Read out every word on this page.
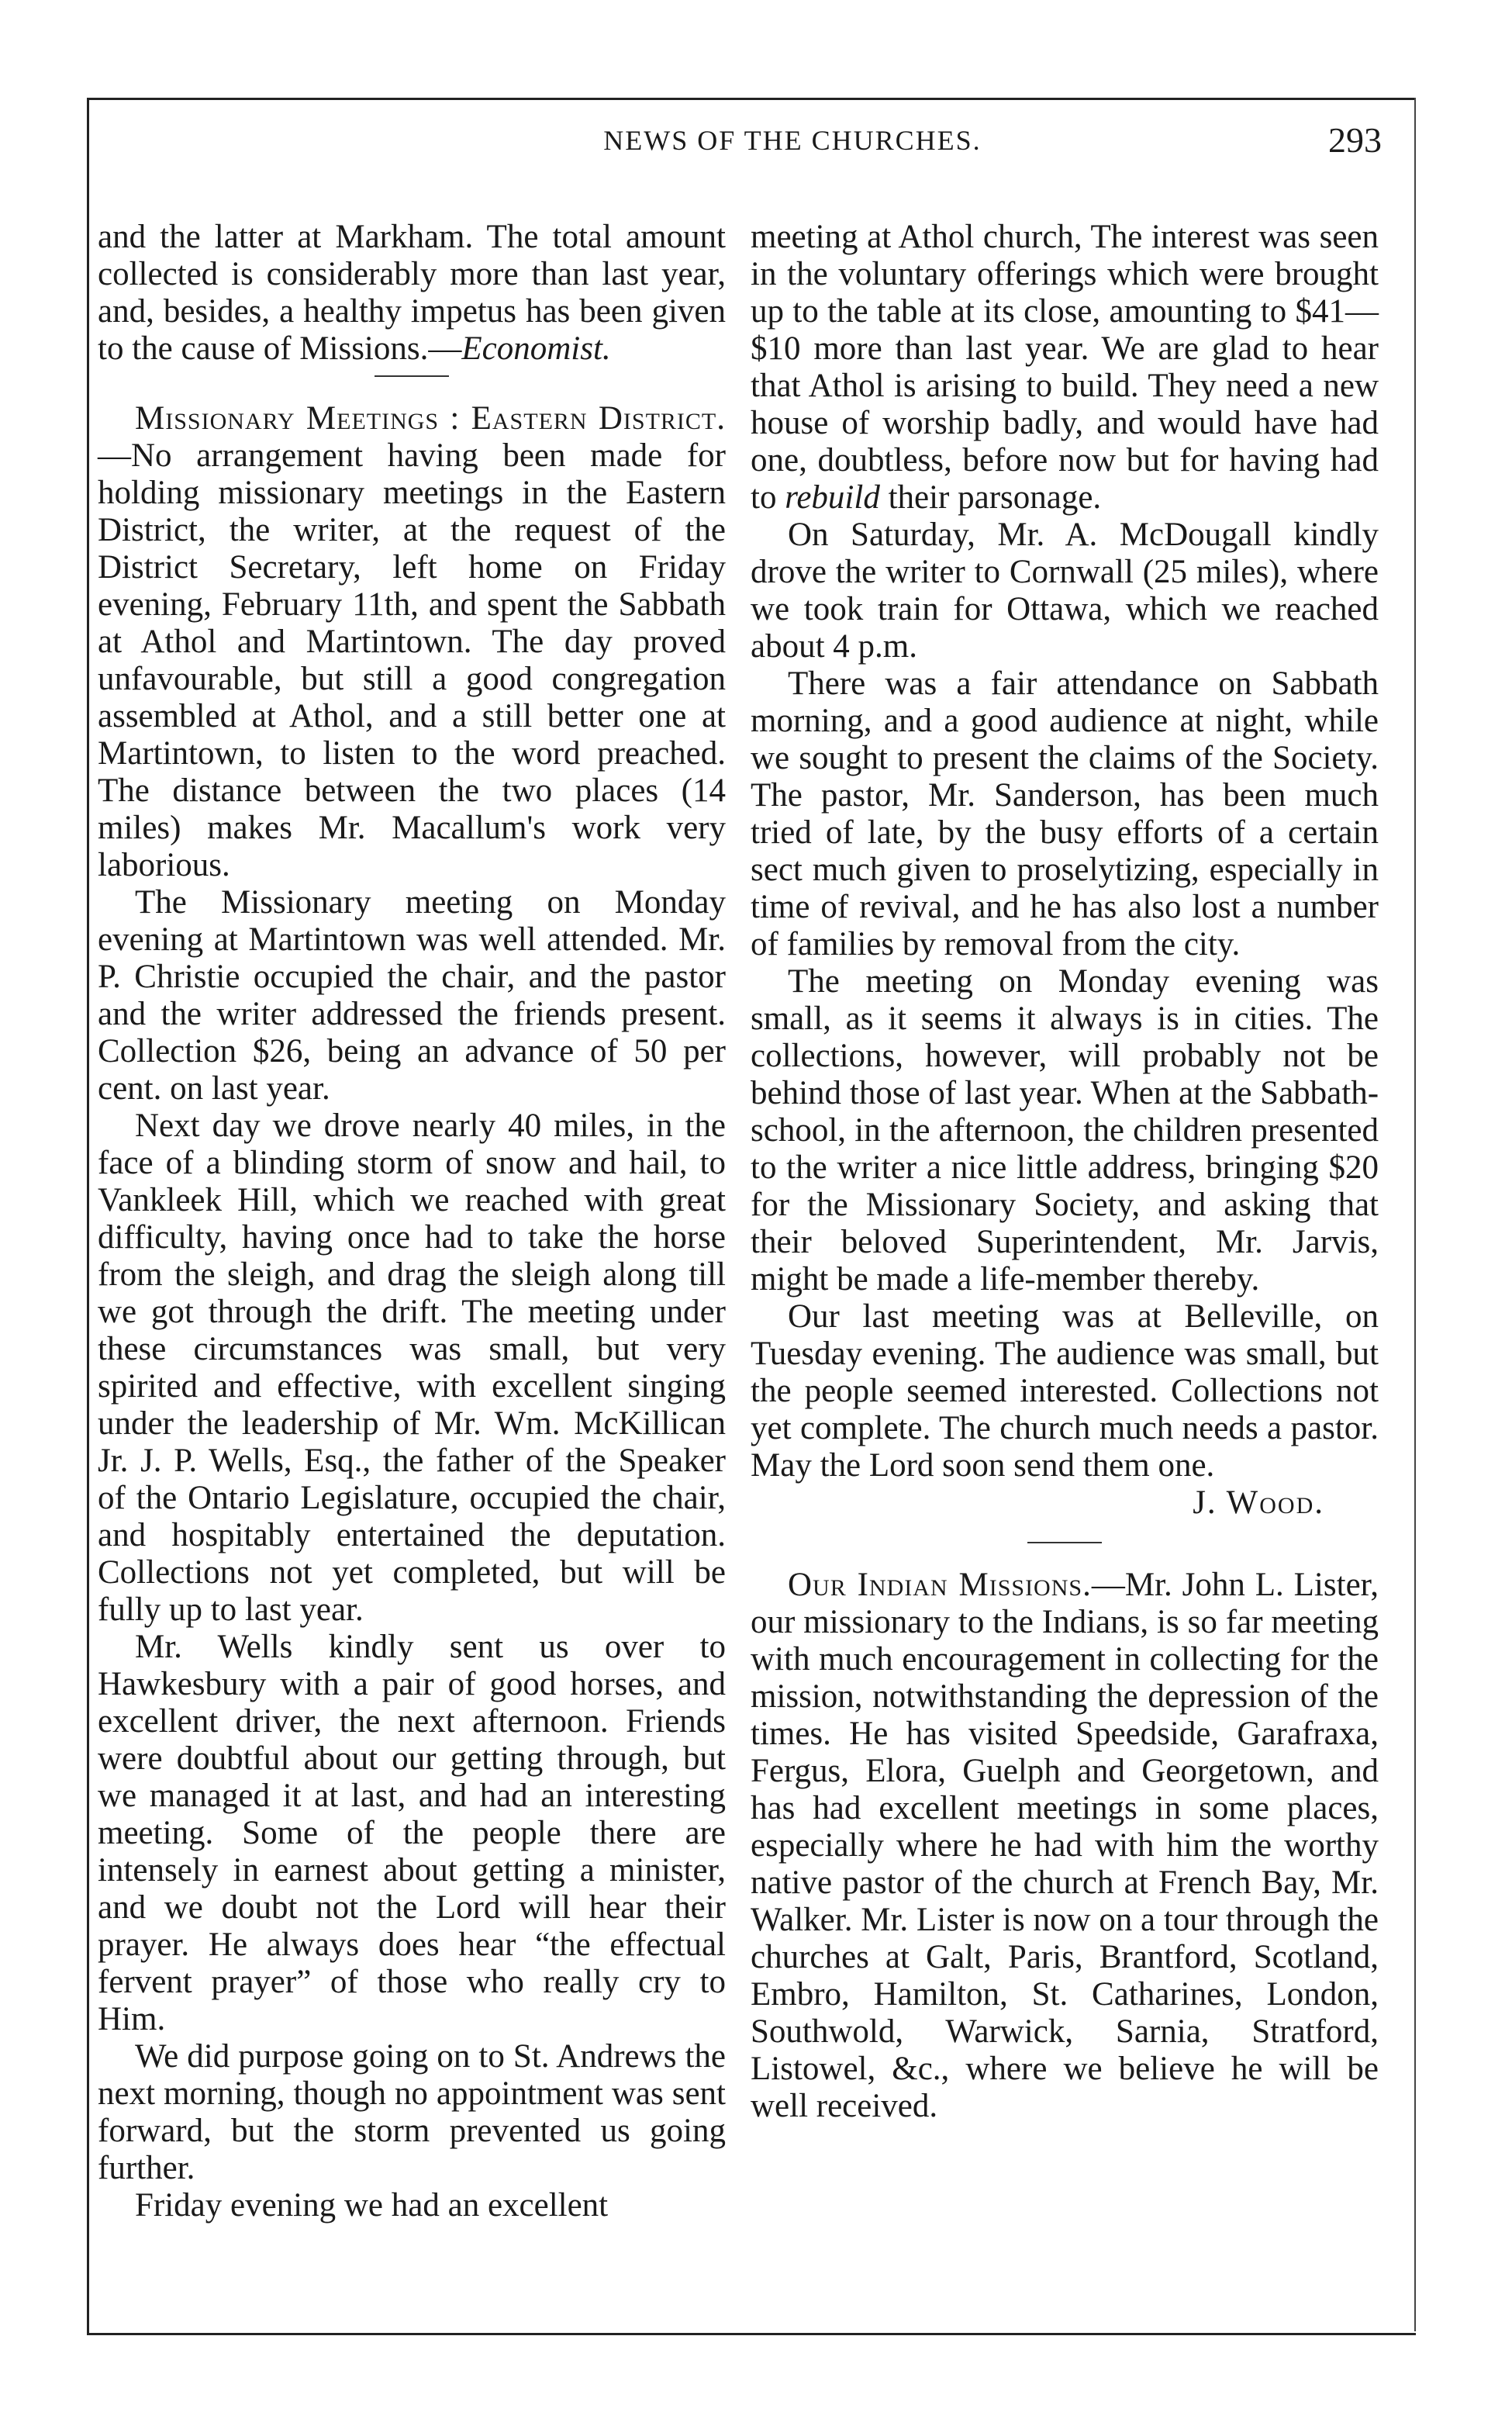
NEWS OF THE CHURCHES.	293

and the latter at Markham. The total amount collected is considerably more than last year, and, besides, a healthy impetus has been given to the cause of Missions.—Economist.

Missionary Meetings : Eastern District.—No arrangement having been made for holding missionary meetings in the Eastern District, the writer, at the request of the District Secretary, left home on Friday evening, February 11th, and spent the Sabbath at Athol and Martintown. The day proved unfavourable, but still a good congregation assembled at Athol, and a still better one at Martintown, to listen to the word preached. The distance between the two places (14 miles) makes Mr. Macallum's work very laborious.

The Missionary meeting on Monday evening at Martintown was well attended. Mr. P. Christie occupied the chair, and the pastor and the writer addressed the friends present. Collection $26, being an advance of 50 per cent. on last year.

Next day we drove nearly 40 miles, in the face of a blinding storm of snow and hail, to Vankleek Hill, which we reached with great difficulty, having once had to take the horse from the sleigh, and drag the sleigh along till we got through the drift. The meeting under these circumstances was small, but very spirited and effective, with excellent singing under the leadership of Mr. Wm. McKillican Jr. J. P. Wells, Esq., the father of the Speaker of the Ontario Legislature, occupied the chair, and hospitably entertained the deputation. Collections not yet completed, but will be fully up to last year.

Mr. Wells kindly sent us over to Hawkesbury with a pair of good horses, and excellent driver, the next afternoon. Friends were doubtful about our getting through, but we managed it at last, and had an interesting meeting. Some of the people there are intensely in earnest about getting a minister, and we doubt not the Lord will hear their prayer. He always does hear “the effectual fervent prayer” of those who really cry to Him.

We did purpose going on to St. Andrews the next morning, though no appointment was sent forward, but the storm prevented us going further.

Friday evening we had an excellent

meeting at Athol church, The interest was seen in the voluntary offerings which were brought up to the table at its close, amounting to $41—$10 more than last year. We are glad to hear that Athol is arising to build. They need a new house of worship badly, and would have had one, doubtless, before now but for having had to rebuild their parsonage.

On Saturday, Mr. A. McDougall kindly drove the writer to Cornwall (25 miles), where we took train for Ottawa, which we reached about 4 p.m.

There was a fair attendance on Sabbath morning, and a good audience at night, while we sought to present the claims of the Society. The pastor, Mr. Sanderson, has been much tried of late, by the busy efforts of a certain sect much given to proselytizing, especially in time of revival, and he has also lost a number of families by removal from the city.

The meeting on Monday evening was small, as it seems it always is in cities. The collections, however, will probably not be behind those of last year. When at the Sabbath-school, in the afternoon, the children presented to the writer a nice little address, bringing $20 for the Missionary Society, and asking that their beloved Superintendent, Mr. Jarvis, might be made a life-member thereby.

Our last meeting was at Belleville, on Tuesday evening. The audience was small, but the people seemed interested. Collections not yet complete. The church much needs a pastor. May the Lord soon send them one.

J. Wood.

Our Indian Missions.—Mr. John L. Lister, our missionary to the Indians, is so far meeting with much encouragement in collecting for the mission, notwithstanding the depression of the times. He has visited Speedside, Garafraxa, Fergus, Elora, Guelph and Georgetown, and has had excellent meetings in some places, especially where he had with him the worthy native pastor of the church at French Bay, Mr. Walker. Mr. Lister is now on a tour through the churches at Galt, Paris, Brantford, Scotland, Embro, Hamilton, St. Catharines, London, Southwold, Warwick, Sarnia, Stratford, Listowel, &c., where we believe he will be well received.
